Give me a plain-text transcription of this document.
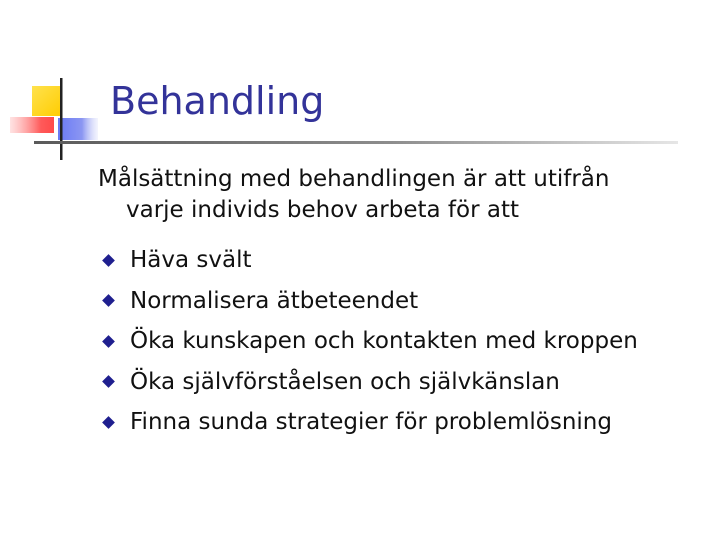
Behandling
Målsättning med behandlingen är att utifrån
varje individs behov arbeta för att
Häva svält
Normalisera ätbeteendet
Öka kunskapen och kontakten med kroppen
Öka självförståelsen och självkänslan
Finna sunda strategier för problemlösning
